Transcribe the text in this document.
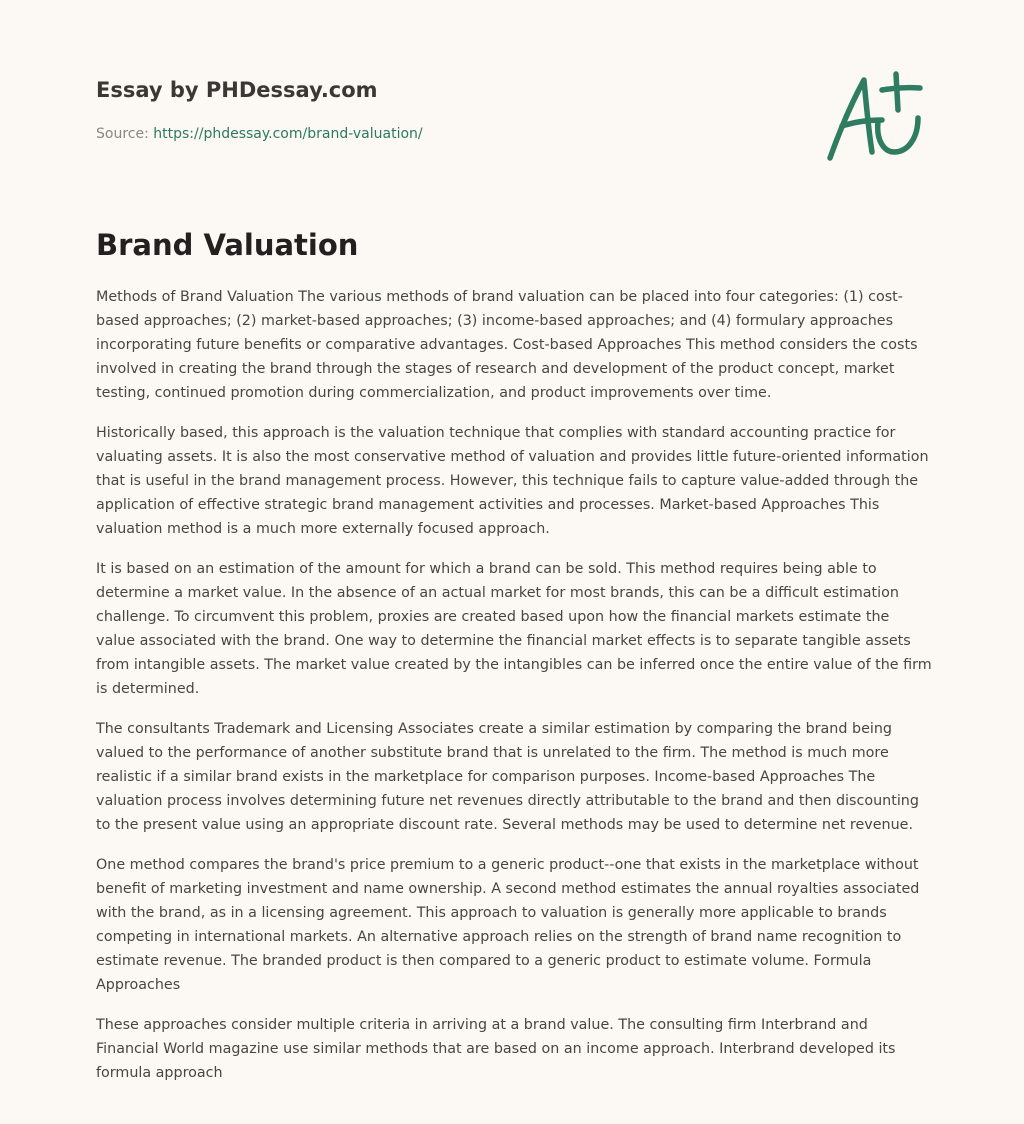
Essay by PHDessay.com
Source: https://phdessay.com/brand-valuation/
Brand Valuation

Methods of Brand Valuation The various methods of brand valuation can be placed into four categories: (1) cost-based approaches; (2) market-based approaches; (3) income-based approaches; and (4) formulary approaches incorporating future benefits or comparative advantages. Cost-based Approaches This method considers the costs involved in creating the brand through the stages of research and development of the product concept, market testing, continued promotion during commercialization, and product improvements over time.

Historically based, this approach is the valuation technique that complies with standard accounting practice for valuating assets. It is also the most conservative method of valuation and provides little future-oriented information that is useful in the brand management process. However, this technique fails to capture value-added through the application of effective strategic brand management activities and processes. Market-based Approaches This valuation method is a much more externally focused approach.

It is based on an estimation of the amount for which a brand can be sold. This method requires being able to determine a market value. In the absence of an actual market for most brands, this can be a difficult estimation challenge. To circumvent this problem, proxies are created based upon how the financial markets estimate the value associated with the brand. One way to determine the financial market effects is to separate tangible assets from intangible assets. The market value created by the intangibles can be inferred once the entire value of the firm is determined.

The consultants Trademark and Licensing Associates create a similar estimation by comparing the brand being valued to the performance of another substitute brand that is unrelated to the firm. The method is much more realistic if a similar brand exists in the marketplace for comparison purposes. Income-based Approaches The valuation process involves determining future net revenues directly attributable to the brand and then discounting to the present value using an appropriate discount rate. Several methods may be used to determine net revenue.

One method compares the brand's price premium to a generic product--one that exists in the marketplace without benefit of marketing investment and name ownership. A second method estimates the annual royalties associated with the brand, as in a licensing agreement. This approach to valuation is generally more applicable to brands competing in international markets. An alternative approach relies on the strength of brand name recognition to estimate revenue. The branded product is then compared to a generic product to estimate volume. Formula Approaches

These approaches consider multiple criteria in arriving at a brand value. The consulting firm Interbrand and Financial World magazine use similar methods that are based on an income approach. Interbrand developed its formula approach
